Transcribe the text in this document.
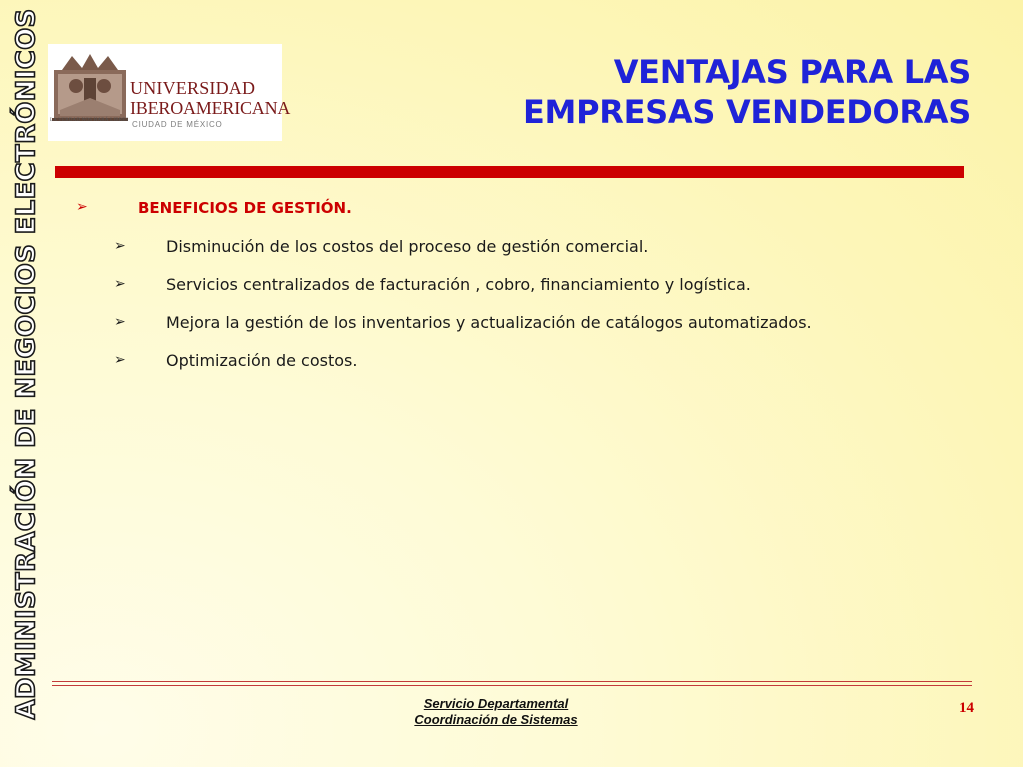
ADMINISTRACIÓN DE NEGOCIOS ELECTRÓNICOS LA VERDAD NOS HARÁ LIBRES
UNIVERSIDAD
IBEROAMERICANA
CIUDAD DE MÉXICO
VENTAJAS PARA LAS
EMPRESAS VENDEDORAS
➢	BENEFICIOS DE GESTIÓN.
➢	Disminución de los costos del proceso de gestión comercial.
➢	Servicios centralizados de facturación , cobro, financiamiento y logística.
➢	Mejora la gestión de los inventarios y actualización de catálogos automatizados.
➢	Optimización de costos.
Servicio Departamental
Coordinación de Sistemas
14
